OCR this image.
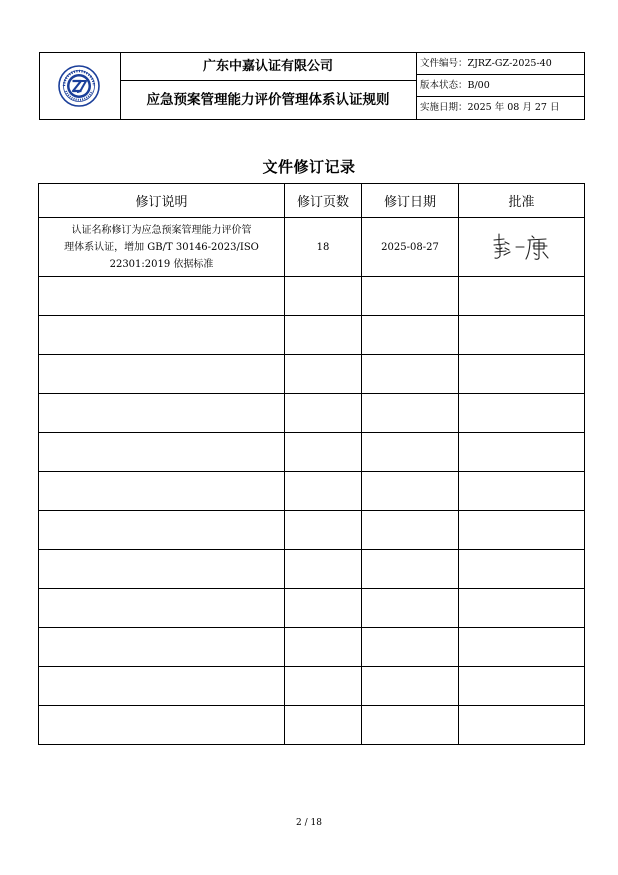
广东中嘉认证有限公司
应急预案管理能力评价管理体系认证规则
文件编号：ZJRZ-GZ-2025-40
版本状态：B/00
实施日期：2025 年 08 月 27 日
文件修订记录
修订说明	修订页数	修订日期	批准

认证名称修订为应急预案管理能力评价管
理体系认证，增加 GB/T 30146-2023/ISO
22301:2019 依据标准	18	2025-08-27	

2 / 18
